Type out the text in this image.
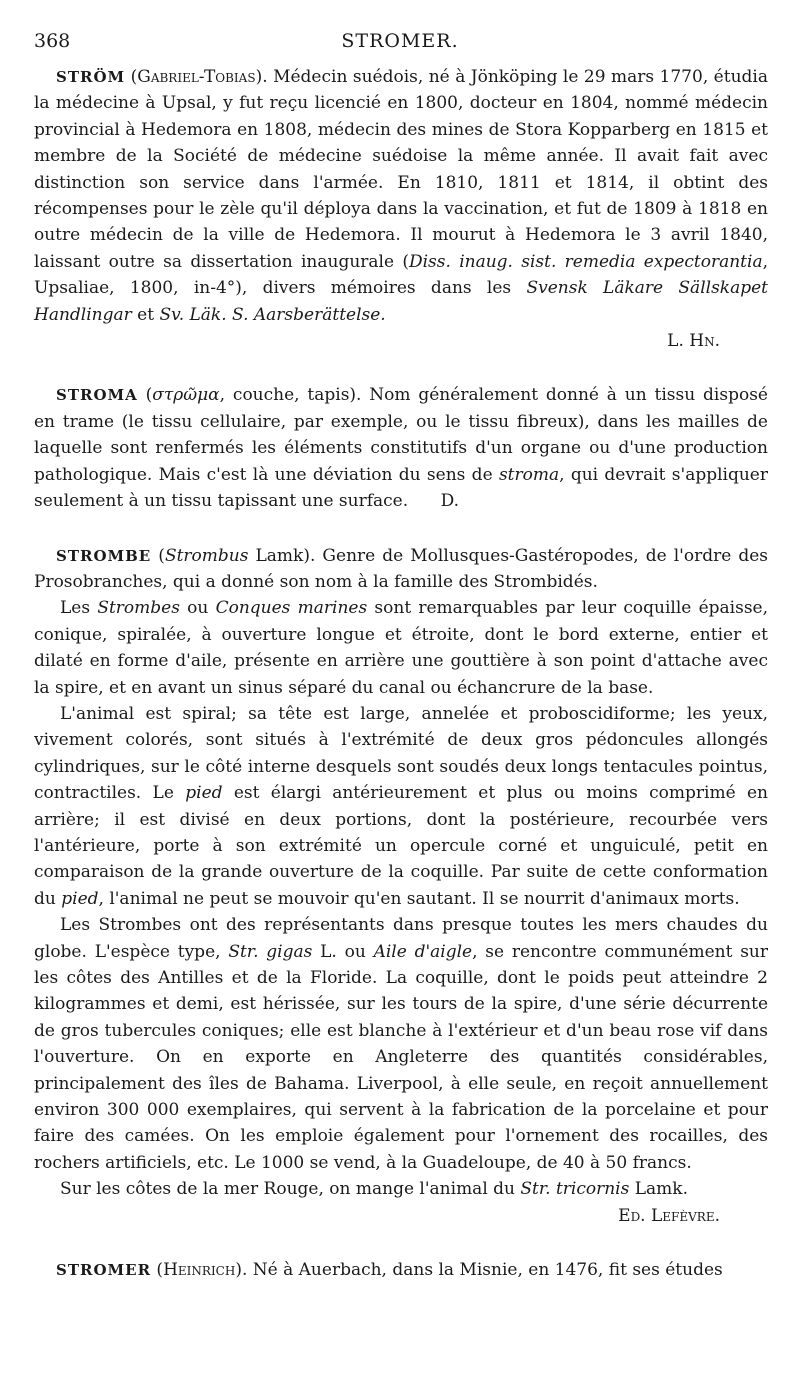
368	STROMER.

STRÖM (Gabriel-Tobias). Médecin suédois, né à Jönköping le 29 mars 1770, étudia la médecine à Upsal, y fut reçu licencié en 1800, docteur en 1804, nommé médecin provincial à Hedemora en 1808, médecin des mines de Stora Kopparberg en 1815 et membre de la Société de médecine suédoise la même année. Il avait fait avec distinction son service dans l'armée. En 1810, 1811 et 1814, il obtint des récompenses pour le zèle qu'il déploya dans la vaccination, et fut de 1809 à 1818 en outre médecin de la ville de Hedemora. Il mourut à Hedemora le 3 avril 1840, laissant outre sa dissertation inaugurale (Diss. inaug. sist. remedia expectorantia, Upsaliae, 1800, in-4°), divers mémoires dans les Svensk Läkare Sällskapet Handlingar et Sv. Läk. S. Aarsberättelse.

L. Hn.

STROMA (στρῶμα, couche, tapis). Nom généralement donné à un tissu disposé en trame (le tissu cellulaire, par exemple, ou le tissu fibreux), dans les mailles de laquelle sont renfermés les éléments constitutifs d'un organe ou d'une production pathologique. Mais c'est là une déviation du sens de stroma, qui devrait s'appliquer seulement à un tissu tapissant une surface. D.

STROMBE (Strombus Lamk). Genre de Mollusques-Gastéropodes, de l'ordre des Prosobranches, qui a donné son nom à la famille des Strombidés.

Les Strombes ou Conques marines sont remarquables par leur coquille épaisse, conique, spiralée, à ouverture longue et étroite, dont le bord externe, entier et dilaté en forme d'aile, présente en arrière une gouttière à son point d'attache avec la spire, et en avant un sinus séparé du canal ou échancrure de la base.

L'animal est spiral; sa tête est large, annelée et proboscidiforme; les yeux, vivement colorés, sont situés à l'extrémité de deux gros pédoncules allongés cylindriques, sur le côté interne desquels sont soudés deux longs tentacules pointus, contractiles. Le pied est élargi antérieurement et plus ou moins comprimé en arrière; il est divisé en deux portions, dont la postérieure, recourbée vers l'antérieure, porte à son extrémité un opercule corné et unguiculé, petit en comparaison de la grande ouverture de la coquille. Par suite de cette conformation du pied, l'animal ne peut se mouvoir qu'en sautant. Il se nourrit d'animaux morts.

Les Strombes ont des représentants dans presque toutes les mers chaudes du globe. L'espèce type, Str. gigas L. ou Aile d'aigle, se rencontre communément sur les côtes des Antilles et de la Floride. La coquille, dont le poids peut atteindre 2 kilogrammes et demi, est hérissée, sur les tours de la spire, d'une série décurrente de gros tubercules coniques; elle est blanche à l'extérieur et d'un beau rose vif dans l'ouverture. On en exporte en Angleterre des quantités considérables, principalement des îles de Bahama. Liverpool, à elle seule, en reçoit annuellement environ 300 000 exemplaires, qui servent à la fabrication de la porcelaine et pour faire des camées. On les emploie également pour l'ornement des rocailles, des rochers artificiels, etc. Le 1000 se vend, à la Guadeloupe, de 40 à 50 francs.

Sur les côtes de la mer Rouge, on mange l'animal du Str. tricornis Lamk.

Ed. Lefèvre.

STROMER (Heinrich). Né à Auerbach, dans la Misnie, en 1476, fit ses études
